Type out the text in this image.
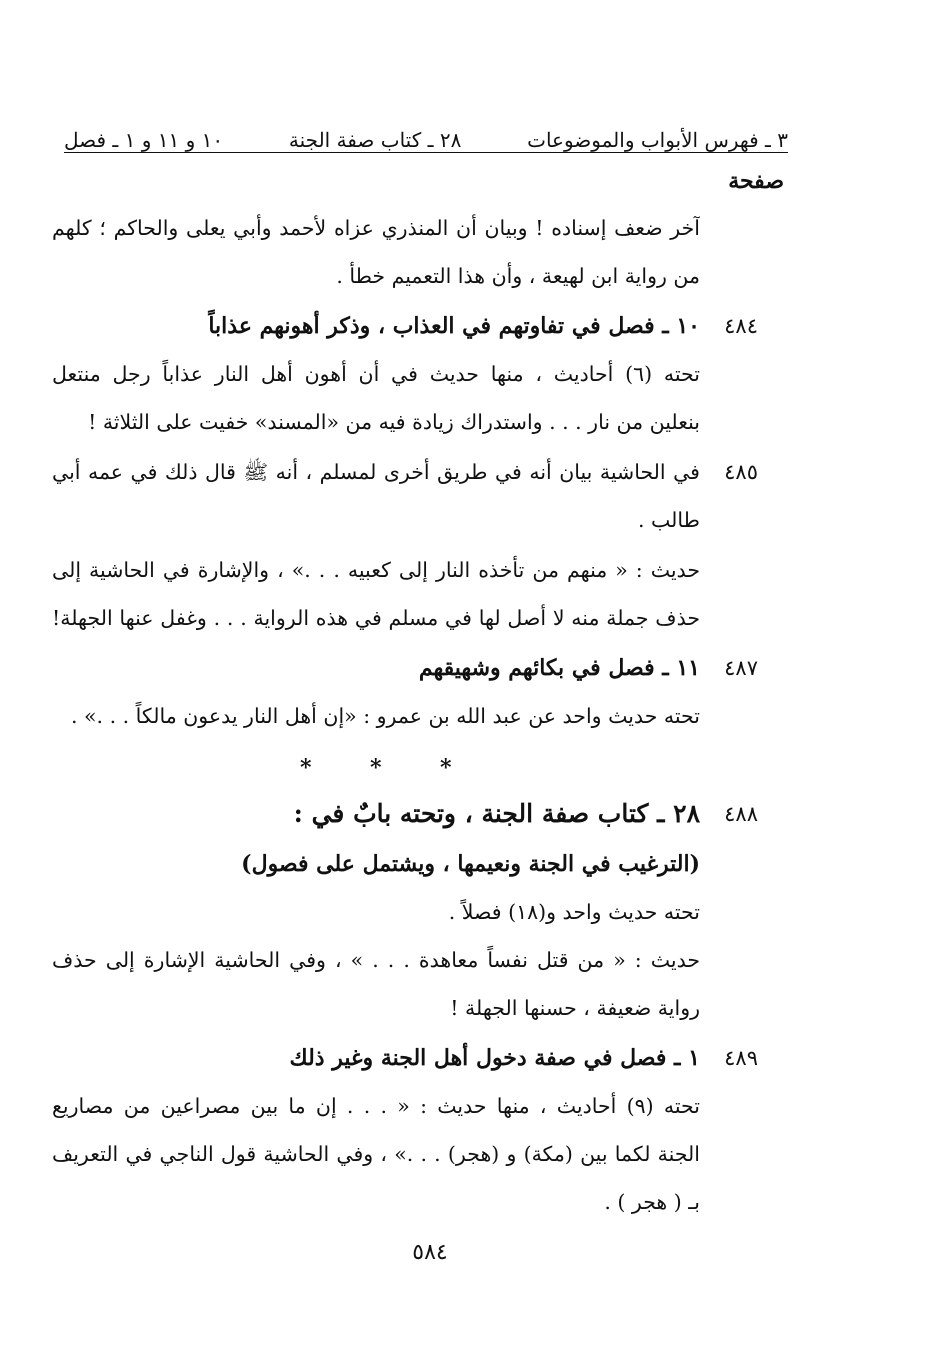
٣ ـ فهرس الأبواب والموضوعات
٢٨ ـ كتاب صفة الجنة
١٠ و ١١ و ١ ـ فصل
صفحة
آخر ضعف إسناده ! وبيان أن المنذري عزاه لأحمد وأبي يعلى والحاكم ؛ كلهم
من رواية ابن لهيعة ، وأن هذا التعميم خطأ .
٤٨٤
١٠ ـ فصل في تفاوتهم في العذاب ، وذكر أهونهم عذاباً
تحته (٦) أحاديث ، منها حديث في أن أهون أهل النار عذاباً رجل منتعل
بنعلين من نار . . . واستدراك زيادة فيه من «المسند» خفيت على الثلاثة !
٤٨٥
في الحاشية بيان أنه في طريق أخرى لمسلم ، أنه ﷺ قال ذلك في عمه أبي
طالب .
حديث : « منهم من تأخذه النار إلى كعبيه . . .» ، والإشارة في الحاشية إلى
حذف جملة منه لا أصل لها في مسلم في هذه الرواية . . . وغفل عنها الجهلة!
٤٨٧
١١ ـ فصل في بكائهم وشهيقهم
تحته حديث واحد عن عبد الله بن عمرو : «إن أهل النار يدعون مالكاً . . .» .
*	*	*
٤٨٨
٢٨ ـ كتاب صفة الجنة ، وتحته بابٌ في :
(الترغيب في الجنة ونعيمها ، ويشتمل على فصول)
تحته حديث واحد و(١٨) فصلاً .
حديث : « من قتل نفساً معاهدة . . . » ، وفي الحاشية الإشارة إلى حذف
رواية ضعيفة ، حسنها الجهلة !
٤٨٩
١ ـ فصل في صفة دخول أهل الجنة وغير ذلك
تحته (٩) أحاديث ، منها حديث : « . . . إن ما بين مصراعين من مصاريع
الجنة لكما بين (مكة) و (هجر) . . .» ، وفي الحاشية قول الناجي في التعريف
بـ ( هجر ) .
٥٨٤
